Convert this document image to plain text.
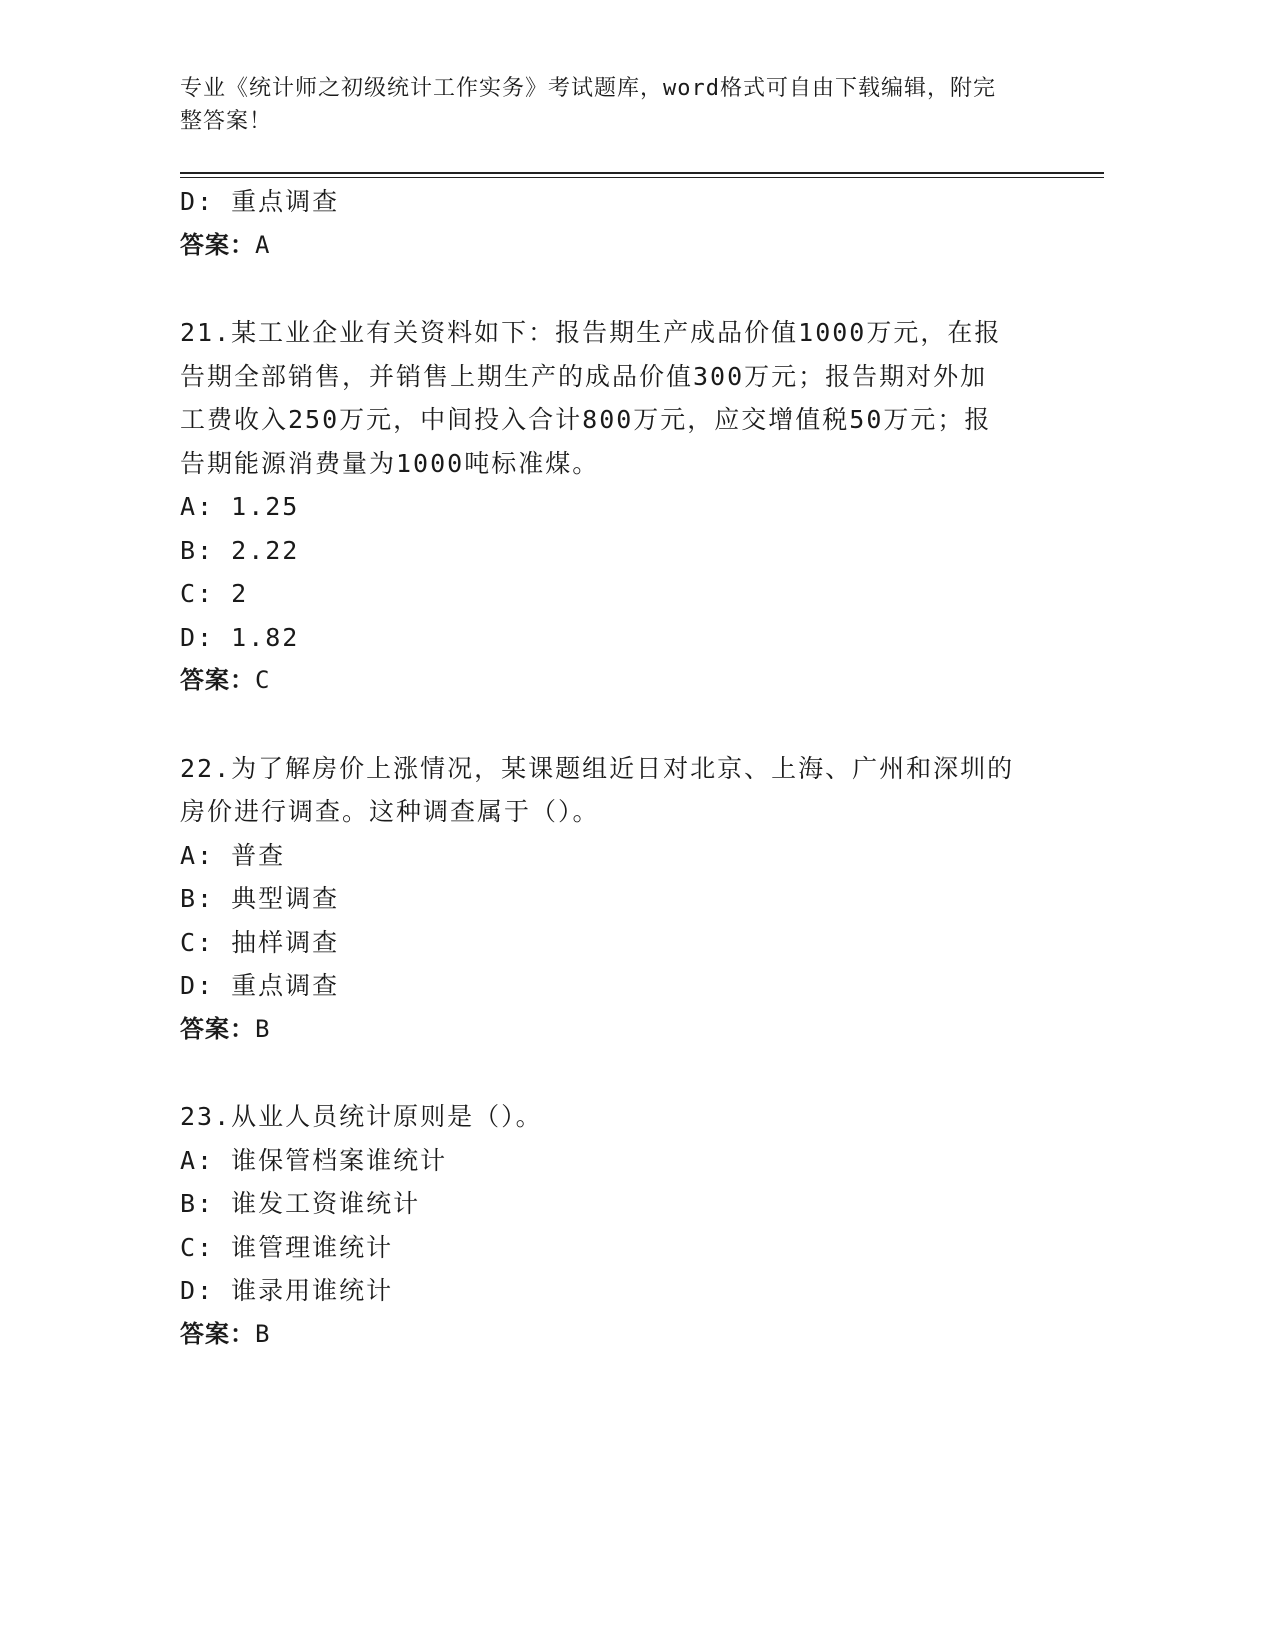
专业《统计师之初级统计工作实务》考试题库，word格式可自由下载编辑，附完
整答案！
D: 重点调查
答案：A
21.某工业企业有关资料如下：报告期生产成品价值1000万元，在报
告期全部销售，并销售上期生产的成品价值300万元；报告期对外加
工费收入250万元，中间投入合计800万元，应交增值税50万元；报
告期能源消费量为1000吨标准煤。
A: 1.25
B: 2.22
C: 2
D: 1.82
答案：C
22.为了解房价上涨情况，某课题组近日对北京、上海、广州和深圳的
房价进行调查。这种调查属于（）。
A: 普查
B: 典型调查
C: 抽样调查
D: 重点调查
答案：B
23.从业人员统计原则是（）。
A: 谁保管档案谁统计
B: 谁发工资谁统计
C: 谁管理谁统计
D: 谁录用谁统计
答案：B
